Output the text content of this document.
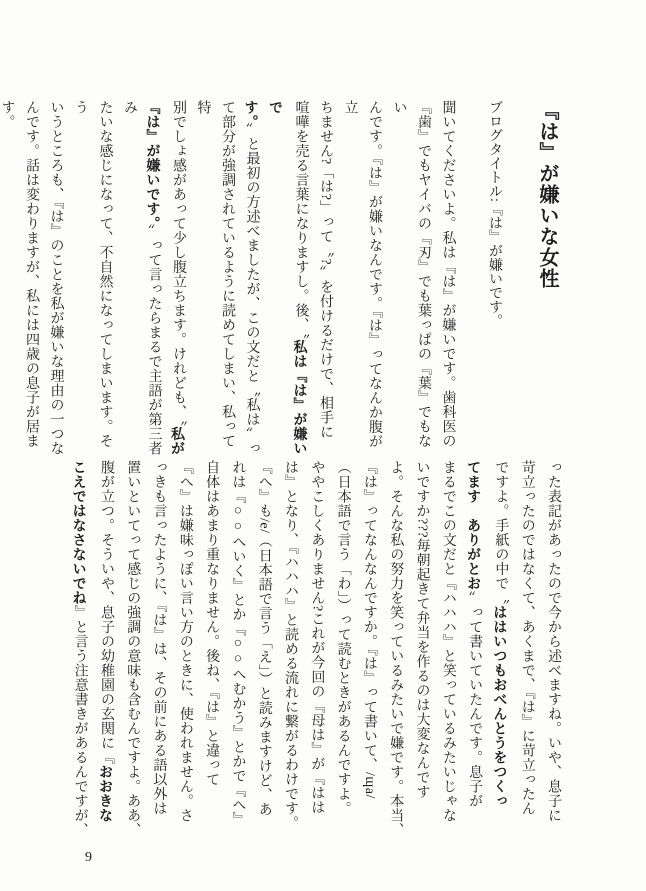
『は』が嫌いな女性

ブログタイトル:『は』が嫌いです。

聞いてくださいよ。私は『は』が嫌いです。歯科医の

『歯』でもヤイバの『刃』でも葉っぱの『葉』でもない

んです。『は』が嫌いなんです。『は』ってなんか腹が立

ちません?「は?」って〝?〟を付けるだけで、相手に

喧嘩を売る言葉になりますし。後、〝私は『は』が嫌いで

す。〟と最初の方述べましたが、この文だと〝私は〟っ

て部分が強調されているように読めてしまい、私って特

別でしょ感があって少し腹立ちます。けれども、〝私が

『は』が嫌いです。〟って言ったらまるで主語が第三者み

たいな感じになって、不自然になってしまいます。そう

いうところも、『は』のことを私が嫌いな理由の一つな

んです。話は変わりますが、私には四歳の息子が居ます。

った表記があったので今から述べますね。いや、息子に

苛立ったのではなくて、あくまで、『は』に苛立ったん

ですよ。手紙の中で〝ははいつもおべんとうをつくっ

てます　ありがとお〟って書いていたんです。息子が

まるでこの文だと『ハハハ』と笑っているみたいじゃな

いですか???毎朝起きて弁当を作るのは大変なんです

よ。そんな私の努力を笑っているみたいで嫌です。本当、

『は』ってなんなんですか。『は』って書いて、/ɰa/

（日本語で言う「わ」）って読むときがあるんですよ。

ややこしくありません?これが今回の『母は』が『はは

は』となり、『ハハハ』と読める流れに繋がるわけです。

『へ』も/e/（日本語で言う「え」）と読みますけど、あ

れは『○○へいく』とか『○○へむかう』とかで『へ』

自体はあまり重なりません。後ね、『は』と違って

『へ』は嫌味っぽい言い方のときに、使われません。さ

っきも言ったように、『は』は、その前にある語以外は

置いといてって感じの強調の意味も含むんですよ。ああ、

腹が立つ。そういや、息子の幼稚園の玄関に『おおきな

こえではなさないでね』と言う注意書きがあるんですが、

9
